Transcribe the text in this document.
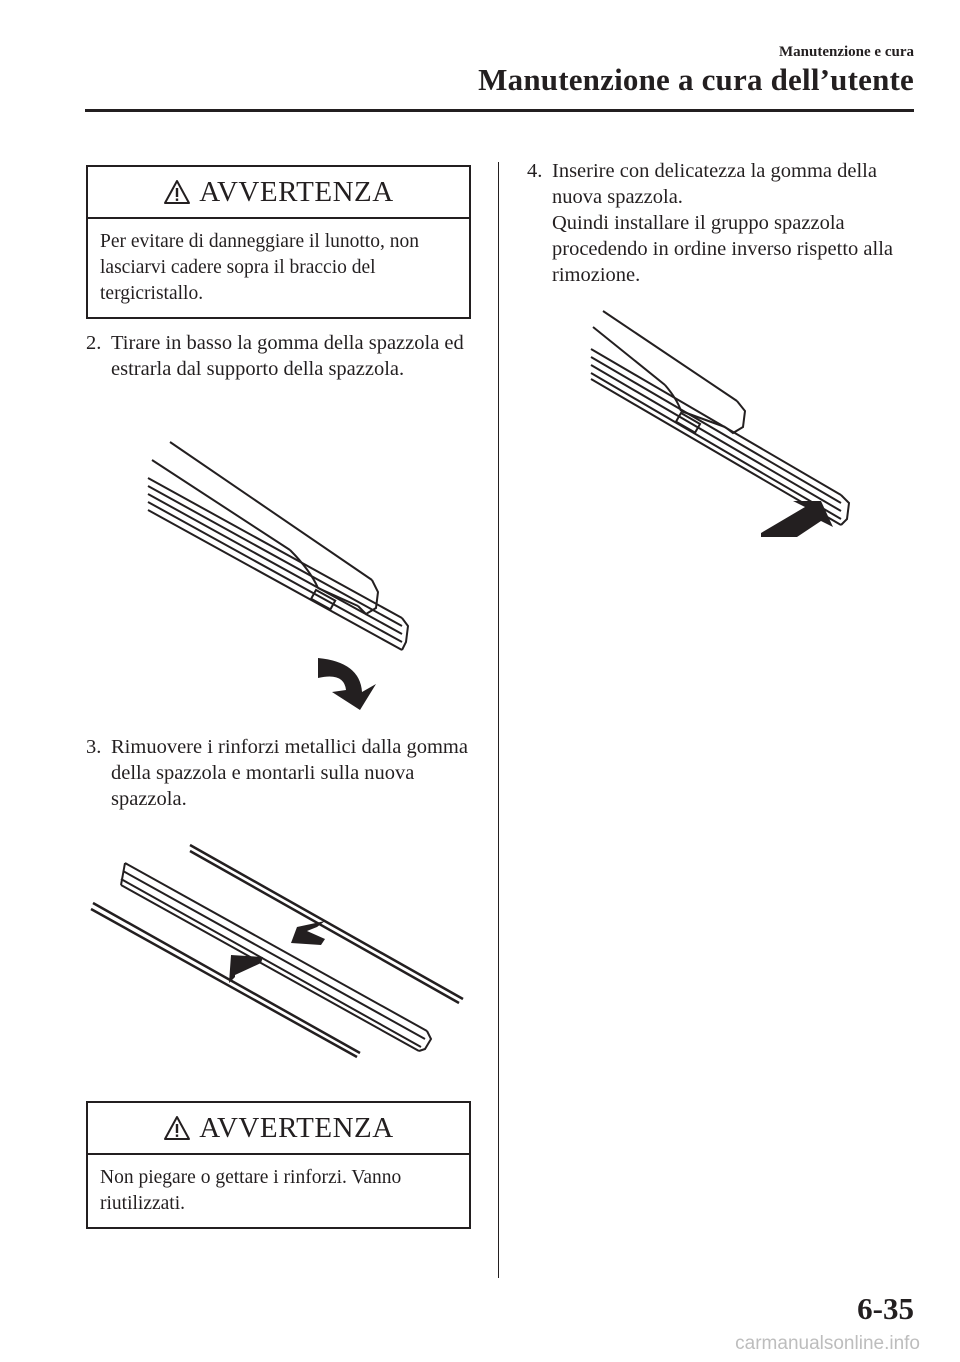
Manutenzione e cura
Manutenzione a cura dell’utente
AVVERTENZA
Per evitare di danneggiare il lunotto, non lasciarvi cadere sopra il braccio del tergicristallo.
2. Tirare in basso la gomma della spazzola ed estrarla dal supporto della spazzola.
3. Rimuovere i rinforzi metallici dalla gomma della spazzola e montarli sulla nuova spazzola.
AVVERTENZA
Non piegare o gettare i rinforzi. Vanno riutilizzati.
4. Inserire con delicatezza la gomma della nuova spazzola.
Quindi installare il gruppo spazzola procedendo in ordine inverso rispetto alla rimozione.
6-35
carmanualsonline.info
